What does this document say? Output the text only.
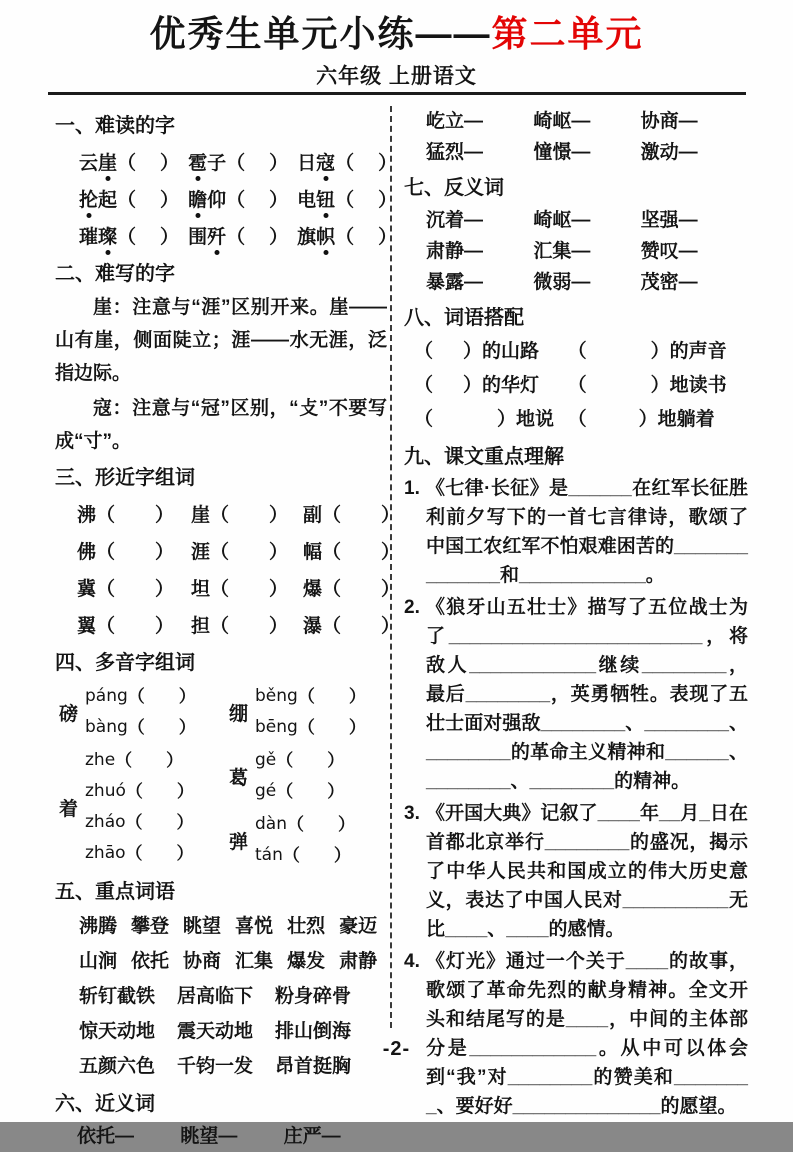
优秀生单元小练——第二单元
六年级 上册语文
一、难读的字
云 崖 （ ） 雹 子 （ ） 日 寇 （ ）
抡 起 （ ） 瞻 仰 （ ） 电 钮 （ ）
璀 璨 （ ） 围 歼 （ ） 旗 帜 （ ）
二、难写的字

崖：注意与“涯”区别开来。崖——山有崖，侧面陡立；涯——水无涯，泛指边际。

寇：注意与“冠”区别，“攴”不要写成“寸”。

三、形近字组词
沸 （ ） 崖 （ ） 副 （ ）
佛 （ ） 涯 （ ） 幅 （ ）
冀 （ ） 坦 （ ） 爆 （ ）
翼 （ ） 担 （ ） 瀑 （ ）
四、多音字组词
磅
páng （ ）
bàng （ ）
着
zhe （ ）
zhuó （ ）
zháo （ ）
zhāo （ ）
绷
běng （ ）
bēng （ ）
葛
gě （ ）
gé （ ）
弹
dàn （ ）
tán （ ）
五、重点词语
沸腾 攀登 眺望 喜悦 壮烈 豪迈
山涧 依托 协商 汇集 爆发 肃静
斩钉截铁 居高临下 粉身碎骨
惊天动地 震天动地 排山倒海
五颜六色 千钧一发 昂首挺胸
六、近义词
依托—	眺望—	庄严—
屹立—	崎岖—	协商—
猛烈—	憧憬—	激动—
七、反义词
沉着—	崎岖—	坚强—
肃静—	汇集—	赞叹—
暴露—	微弱—	茂密—
八、词语搭配
（ ） 的山路 （	） 的声音
（ ） 的华灯 （	） 地读书
（	） 地说 （	） 地躺着
九、课文重点理解
1. 《七律·长征》是______在红军长征胜利前夕写下的一首七言律诗，歌颂了中国工农红军不怕艰难困苦的______________和____________。
2. 《狼牙山五壮士》描写了五位战士为了________________________，将敌人____________继续________，最后________，英勇牺牲。表现了五壮士面对强敌________、________、________的革命主义精神和______、________、________的精神。
3. 《开国大典》记叙了____年__月_日在首都北京举行________的盛况，揭示了中华人民共和国成立的伟大历史意义，表达了中国人民对__________无比____、____的感情。
4. 《灯光》通过一个关于____的故事，歌颂了革命先烈的献身精神。全文开头和结尾写的是____，中间的主体部分是____________。从中可以体会到“我”对________的赞美和________、要好好______________的愿望。
-2-
